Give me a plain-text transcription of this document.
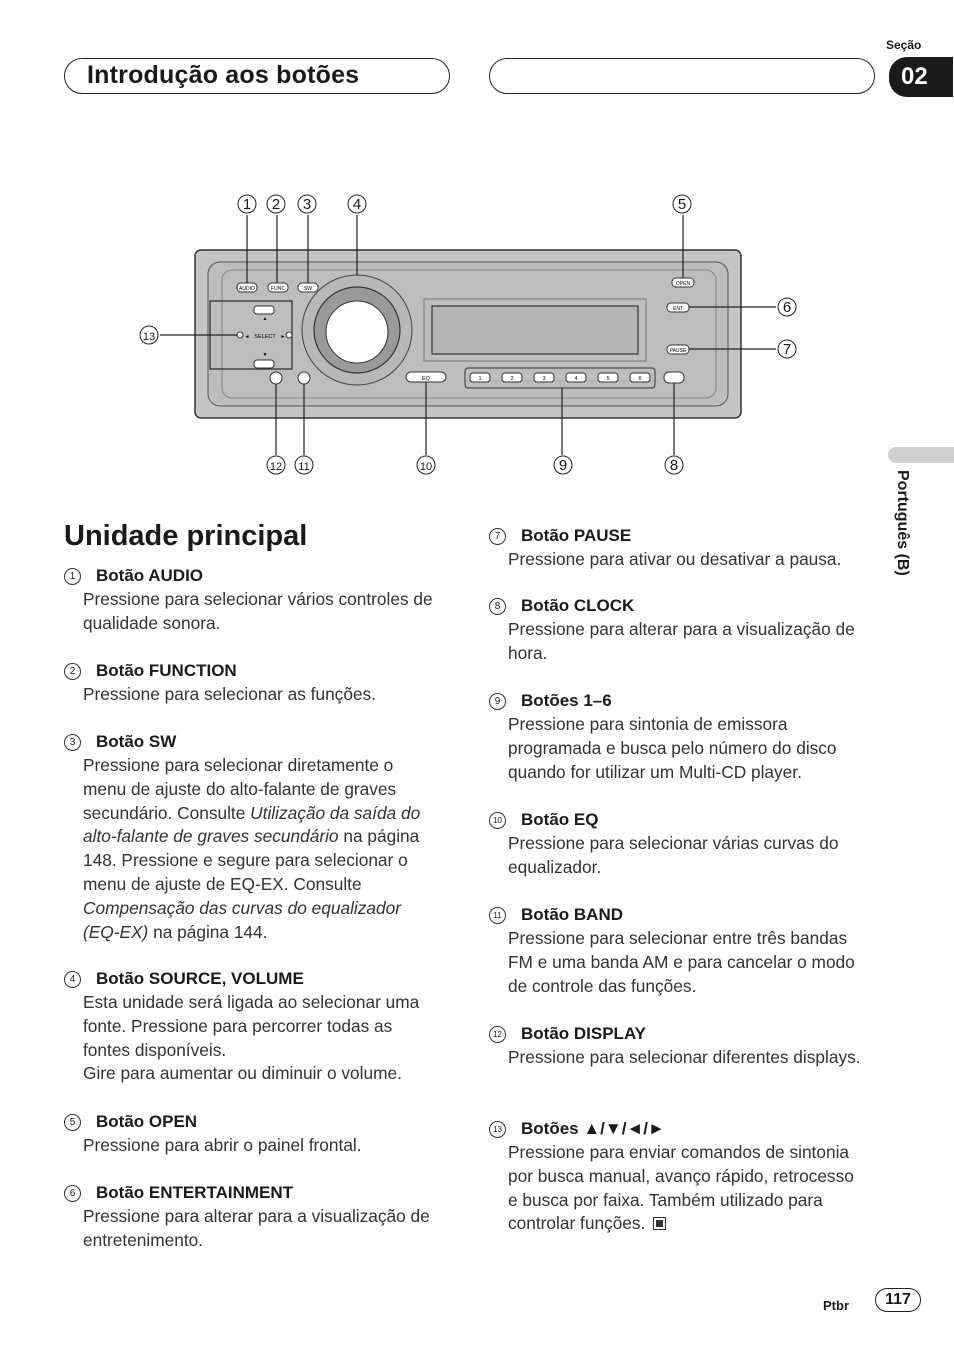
Introdução aos botões
Seção
02
Português (B)
AUDIO	FUNC	SW
OPEN
ENT
PAUSE
SELECT
▲
▼
◄	►
EQ	1	2	3	4	5	6
1 2 3	4	5
6
7
8
9
10
11
12
13
Unidade principal
1	Botão AUDIO

Pressione para selecionar vários controles de qualidade sonora.

2	Botão FUNCTION

Pressione para selecionar as funções.

3	Botão SW

Pressione para selecionar diretamente o menu de ajuste do alto-falante de graves secundário. Consulte Utilização da saída do alto-falante de graves secundário na página 148. Pressione e segure para selecionar o menu de ajuste de EQ-EX. Consulte Compensação das curvas do equalizador (EQ-EX) na página 144.

4	Botão SOURCE, VOLUME

Esta unidade será ligada ao selecionar uma fonte. Pressione para percorrer todas as fontes disponíveis.

Gire para aumentar ou diminuir o volume.

5	Botão OPEN

Pressione para abrir o painel frontal.

6	Botão ENTERTAINMENT

Pressione para alterar para a visualização de entretenimento.

7	Botão PAUSE

Pressione para ativar ou desativar a pausa.

8	Botão CLOCK

Pressione para alterar para a visualização de hora.

9	Botões 1–6

Pressione para sintonia de emissora programada e busca pelo número do disco quando for utilizar um Multi-CD player.

10 Botão EQ

Pressione para selecionar várias curvas do equalizador.

11 Botão BAND

Pressione para selecionar entre três bandas FM e uma banda AM e para cancelar o modo de controle das funções.

12 Botão DISPLAY

Pressione para selecionar diferentes displays.

13 Botões ▲/▼/◄/►

Pressione para enviar comandos de sintonia por busca manual, avanço rápido, retrocesso e busca por faixa. Também utilizado para controlar funções.

Ptbr	117
